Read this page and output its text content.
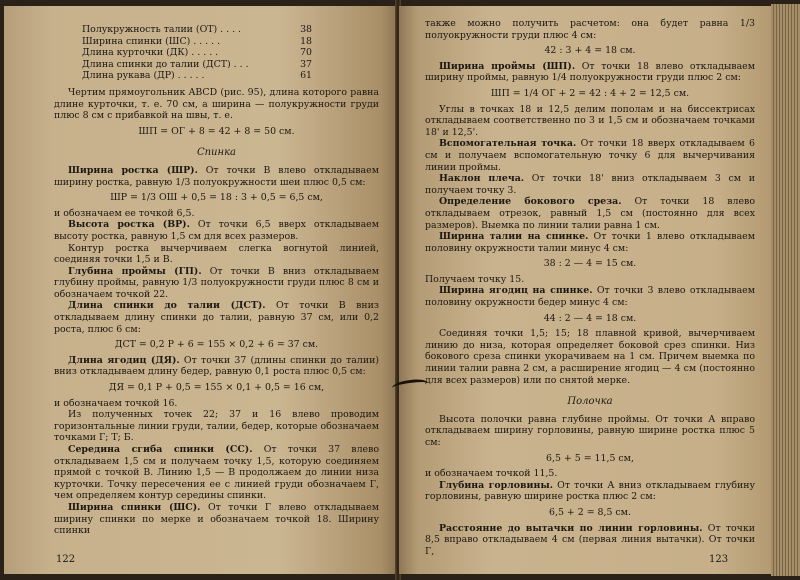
Полукружность талии (ОТ) . . . .	38
Ширина спинки (ШС) . . . . .	18
Длина курточки (ДК) . . . . .	70
Длина спинки до талии (ДСТ) . . .	37
Длина рукава (ДР) . . . . .	61

Чертим прямоугольник ABCD (рис. 95), длина которого равна длине курточки, т. е. 70 см, а ширина — полукружности груди плюс 8 см с прибавкой на швы, т. е.

ШП = ОГ + 8 = 42 + 8 = 50 см.

Спинка

Ширина ростка (ШР). От точки В влево откладываем ширину ростка, равную 1/3 полуокружности шеи плюс 0,5 см:

ШР = 1/3 ОШ + 0,5 = 18 : 3 + 0,5 = 6,5 см,

и обозначаем ее точкой 6,5.

Высота ростка (ВР). От точки 6,5 вверх откладываем высоту ростка, равную 1,5 см для всех размеров.

Контур ростка вычерчиваем слегка вогнутой линией, соединяя точки 1,5 и В.

Глубина проймы (ГП). От точки В вниз откладываем глубину проймы, равную 1/3 полуокружности груди плюс 8 см и обозначаем точкой 22.

Длина спинки до талии (ДСТ). От точки В вниз откладываем длину спинки до талии, равную 37 см, или 0,2 роста, плюс 6 см:

ДСТ = 0,2 Р + 6 = 155 × 0,2 + 6 = 37 см.

Длина ягодиц (ДЯ). От точки 37 (длины спинки до талии) вниз откладываем длину бедер, равную 0,1 роста плюс 0,5 см:

ДЯ = 0,1 Р + 0,5 = 155 × 0,1 + 0,5 = 16 см,

и обозначаем точкой 16.

Из полученных точек 22; 37 и 16 влево проводим горизонтальные линии груди, талии, бедер, которые обозначаем точками Г; Т; Б.

Середина сгиба спинки (СС). От точки 37 влево откладываем 1,5 см и получаем точку 1,5, которую соединяем прямой с точкой В. Линию 1,5 — В продолжаем до линии низа курточки. Точку пересечения ее с линией груди обозначаем Г, чем определяем контур середины спинки.

Ширина спинки (ШС). От точки Г влево откладываем ширину спинки по мерке и обозначаем точкой 18. Ширину спинки

122

также можно получить расчетом: она будет равна 1/3 полуокружности груди плюс 4 см:

42 : 3 + 4 = 18 см.

Ширина проймы (ШП). От точки 18 влево откладываем ширину проймы, равную 1/4 полуокружности груди плюс 2 см:

ШП = 1/4 ОГ + 2 = 42 : 4 + 2 = 12,5 см.

Углы в точках 18 и 12,5 делим пополам и на биссектрисах откладываем соответственно по 3 и 1,5 см и обозначаем точками 18' и 12,5'.

Вспомогательная точка. От точки 18 вверх откладываем 6 см и получаем вспомогательную точку 6 для вычерчивания линии проймы.

Наклон плеча. От точки 18' вниз откладываем 3 см и получаем точку 3.

Определение бокового среза. От точки 18 влево откладываем отрезок, равный 1,5 см (постоянно для всех размеров). Выемка по линии талии равна 1 см.

Ширина талии на спинке. От точки 1 влево откладываем половину окружности талии минус 4 см:

38 : 2 — 4 = 15 см.

Получаем точку 15.

Ширина ягодиц на спинке. От точки 3 влево откладываем половину окружности бедер минус 4 см:

44 : 2 — 4 = 18 см.

Соединяя точки 1,5; 15; 18 плавной кривой, вычерчиваем линию до низа, которая определяет боковой срез спинки. Низ бокового среза спинки укорачиваем на 1 см. Причем выемка по линии талии равна 2 см, а расширение ягодиц — 4 см (постоянно для всех размеров) или по снятой мерке.

Полочка

Высота полочки равна глубине проймы. От точки А вправо откладываем ширину горловины, равную ширине ростка плюс 5 см:

6,5 + 5 = 11,5 см,

и обозначаем точкой 11,5.

Глубина горловины. От точки А вниз откладываем глубину горловины, равную ширине ростка плюс 2 см:

6,5 + 2 = 8,5 см.

Расстояние до вытачки по линии горловины. От точки 8,5 вправо откладываем 4 см (первая линия вытачки). От точки Г,

123
